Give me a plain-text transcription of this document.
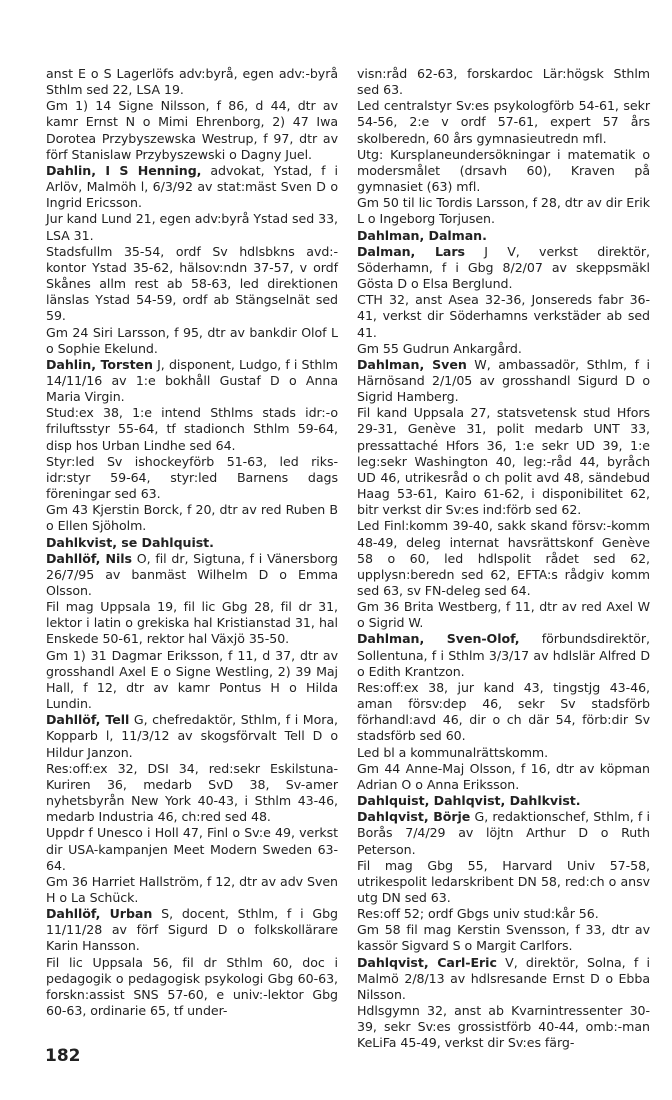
anst E o S Lagerlöfs adv:byrå, egen adv:-byrå Sthlm sed 22, LSA 19.

Gm 1) 14 Signe Nilsson, f 86, d 44, dtr av kamr Ernst N o Mimi Ehrenborg, 2) 47 Iwa Dorotea Przybyszewska Westrup, f 97, dtr av förf Stanislaw Przybyszewski o Dagny Juel.

Dahlin, I S Henning, advokat, Ystad, f i Arlöv, Malmöh l, 6/3/92 av stat:mäst Sven D o Ingrid Ericsson.

Jur kand Lund 21, egen adv:byrå Ystad sed 33, LSA 31.

Stadsfullm 35-54, ordf Sv hdlsbkns avd:-kontor Ystad 35-62, hälsov:ndn 37-57, v ordf Skånes allm rest ab 58-63, led direktionen länslas Ystad 54-59, ordf ab Stängselnät sed 59.

Gm 24 Siri Larsson, f 95, dtr av bankdir Olof L o Sophie Ekelund.

Dahlin, Torsten J, disponent, Ludgo, f i Sthlm 14/11/16 av 1:e bokhåll Gustaf D o Anna Maria Virgin.

Stud:ex 38, 1:e intend Sthlms stads idr:-o friluftsstyr 55-64, tf stadionch Sthlm 59-64, disp hos Urban Lindhe sed 64.

Styr:led Sv ishockeyförb 51-63, led riks-idr:styr 59-64, styr:led Barnens dags föreningar sed 63.

Gm 43 Kjerstin Borck, f 20, dtr av red Ruben B o Ellen Sjöholm.

Dahlkvist, se Dahlquist.

Dahllöf, Nils O, fil dr, Sigtuna, f i Vänersborg 26/7/95 av banmäst Wilhelm D o Emma Olsson.

Fil mag Uppsala 19, fil lic Gbg 28, fil dr 31, lektor i latin o grekiska hal Kristianstad 31, hal Enskede 50-61, rektor hal Växjö 35-50.

Gm 1) 31 Dagmar Eriksson, f 11, d 37, dtr av grosshandl Axel E o Signe Westling, 2) 39 Maj Hall, f 12, dtr av kamr Pontus H o Hilda Lundin.

Dahllöf, Tell G, chefredaktör, Sthlm, f i Mora, Kopparb l, 11/3/12 av skogsförvalt Tell D o Hildur Janzon.

Res:off:ex 32, DSI 34, red:sekr Eskilstuna-Kuriren 36, medarb SvD 38, Sv-amer nyhetsbyrån New York 40-43, i Sthlm 43-46, medarb Industria 46, ch:red sed 48.

Uppdr f Unesco i Holl 47, Finl o Sv:e 49, verkst dir USA-kampanjen Meet Modern Sweden 63-64.

Gm 36 Harriet Hallström, f 12, dtr av adv Sven H o La Schück.

Dahllöf, Urban S, docent, Sthlm, f i Gbg 11/11/28 av förf Sigurd D o folkskollärare Karin Hansson.

Fil lic Uppsala 56, fil dr Sthlm 60, doc i pedagogik o pedagogisk psykologi Gbg 60-63, forskn:assist SNS 57-60, e univ:-lektor Gbg 60-63, ordinarie 65, tf under-

visn:råd 62-63, forskardoc Lär:högsk Sthlm sed 63.

Led centralstyr Sv:es psykologförb 54-61, sekr 54-56, 2:e v ordf 57-61, expert 57 års skolberedn, 60 års gymnasieutredn mfl.

Utg: Kursplaneundersökningar i matematik o modersmålet (drsavh 60), Kraven på gymnasiet (63) mfl.

Gm 50 til lic Tordis Larsson, f 28, dtr av dir Erik L o Ingeborg Torjusen.

Dahlman, Dalman.

Dalman, Lars J V, verkst direktör, Söderhamn, f i Gbg 8/2/07 av skeppsmäkl Gösta D o Elsa Berglund.

CTH 32, anst Asea 32-36, Jonsereds fabr 36-41, verkst dir Söderhamns verkstäder ab sed 41.

Gm 55 Gudrun Ankargård.

Dahlman, Sven W, ambassadör, Sthlm, f i Härnösand 2/1/05 av grosshandl Sigurd D o Sigrid Hamberg.

Fil kand Uppsala 27, statsvetensk stud Hfors 29-31, Genève 31, polit medarb UNT 33, pressattaché Hfors 36, 1:e sekr UD 39, 1:e leg:sekr Washington 40, leg:-råd 44, byråch UD 46, utrikesråd o ch polit avd 48, sändebud Haag 53-61, Kairo 61-62, i disponibilitet 62, bitr verkst dir Sv:es ind:förb sed 62.

Led Finl:komm 39-40, sakk skand försv:-komm 48-49, deleg internat havsrättskonf Genève 58 o 60, led hdlspolit rådet sed 62, upplysn:beredn sed 62, EFTA:s rådgiv komm sed 63, sv FN-deleg sed 64.

Gm 36 Brita Westberg, f 11, dtr av red Axel W o Sigrid W.

Dahlman, Sven-Olof, förbundsdirektör, Sollentuna, f i Sthlm 3/3/17 av hdlslär Alfred D o Edith Krantzon.

Res:off:ex 38, jur kand 43, tingstjg 43-46, aman försv:dep 46, sekr Sv stadsförb förhandl:avd 46, dir o ch där 54, förb:dir Sv stadsförb sed 60.

Led bl a kommunalrättskomm.

Gm 44 Anne-Maj Olsson, f 16, dtr av köpman Adrian O o Anna Eriksson.

Dahlquist, Dahlqvist, Dahlkvist.

Dahlqvist, Börje G, redaktionschef, Sthlm, f i Borås 7/4/29 av löjtn Arthur D o Ruth Peterson.

Fil mag Gbg 55, Harvard Univ 57-58, utrikespolit ledarskribent DN 58, red:ch o ansv utg DN sed 63.

Res:off 52; ordf Gbgs univ stud:kår 56.

Gm 58 fil mag Kerstin Svensson, f 33, dtr av kassör Sigvard S o Margit Carlfors.

Dahlqvist, Carl-Eric V, direktör, Solna, f i Malmö 2/8/13 av hdlsresande Ernst D o Ebba Nilsson.

Hdlsgymn 32, anst ab Kvarnintressenter 30-39, sekr Sv:es grossistförb 40-44, omb:-man KeLiFa 45-49, verkst dir Sv:es färg-

182
